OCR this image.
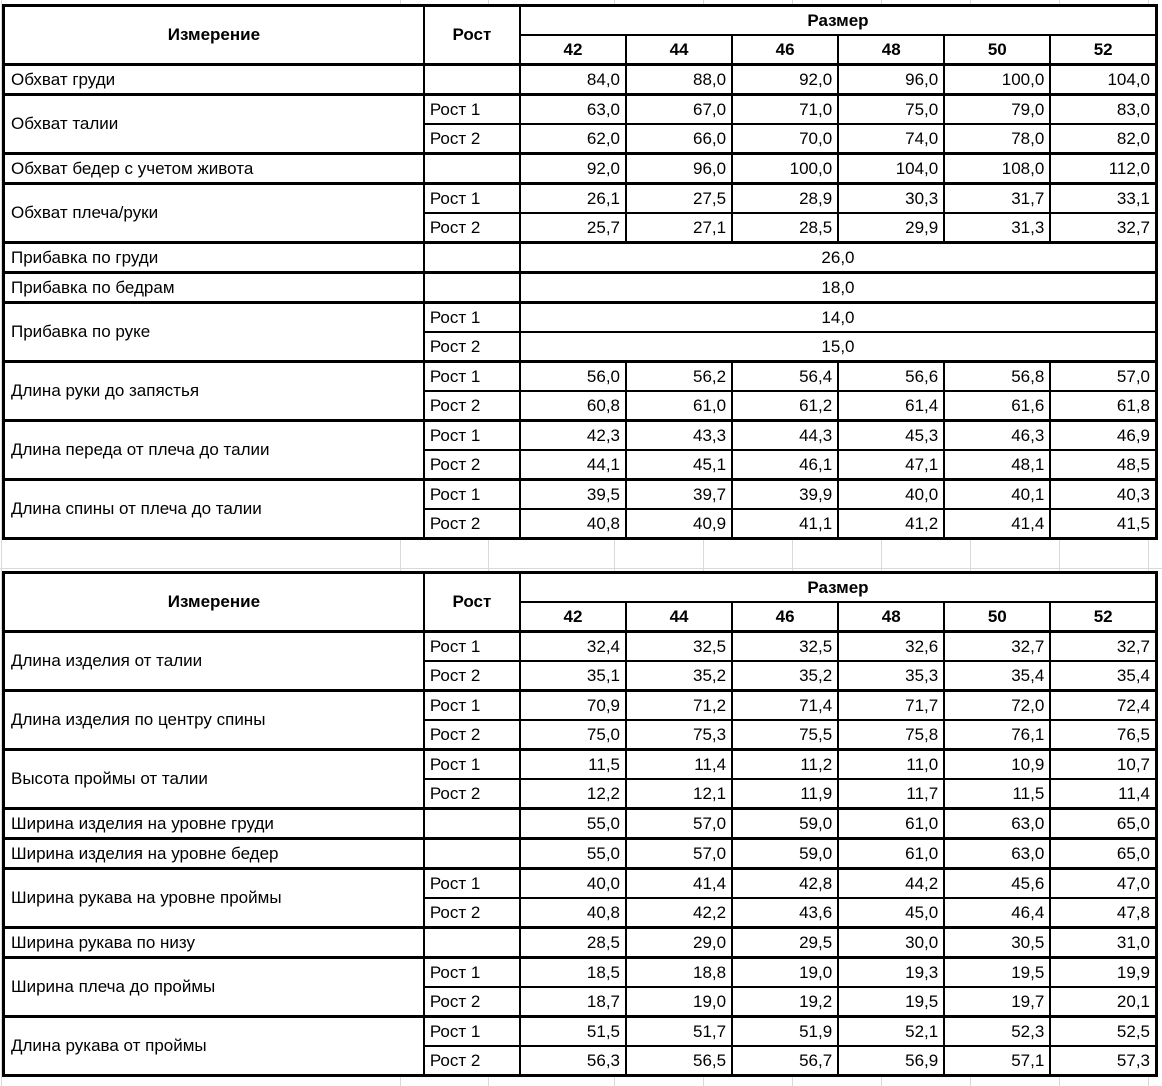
Измерение	Рост	Размер					
		42	44	46	48	50	52
Обхват груди		84,0	88,0	92,0	96,0	100,0	104,0
Обхват талии	Рост 1	63,0	67,0	71,0	75,0	79,0	83,0
	Рост 2	62,0	66,0	70,0	74,0	78,0	82,0
Обхват бедер с учетом живота		92,0	96,0	100,0	104,0	108,0	112,0
Обхват плеча/руки	Рост 1	26,1	27,5	28,9	30,3	31,7	33,1
	Рост 2	25,7	27,1	28,5	29,9	31,3	32,7
Прибавка по груди		26,0					
Прибавка по бедрам		18,0					
Прибавка по руке	Рост 1	14,0					
	Рост 2	15,0					
Длина руки до запястья	Рост 1	56,0	56,2	56,4	56,6	56,8	57,0
	Рост 2	60,8	61,0	61,2	61,4	61,6	61,8
Длина переда от плеча до талии	Рост 1	42,3	43,3	44,3	45,3	46,3	46,9
	Рост 2	44,1	45,1	46,1	47,1	48,1	48,5
Длина спины от плеча до талии	Рост 1	39,5	39,7	39,9	40,0	40,1	40,3
	Рост 2	40,8	40,9	41,1	41,2	41,4	41,5
Измерение	Рост	Размер					
		42	44	46	48	50	52
Длина изделия от талии	Рост 1	32,4	32,5	32,5	32,6	32,7	32,7
	Рост 2	35,1	35,2	35,2	35,3	35,4	35,4
Длина изделия по центру спины	Рост 1	70,9	71,2	71,4	71,7	72,0	72,4
	Рост 2	75,0	75,3	75,5	75,8	76,1	76,5
Высота проймы от талии	Рост 1	11,5	11,4	11,2	11,0	10,9	10,7
	Рост 2	12,2	12,1	11,9	11,7	11,5	11,4
Ширина изделия на уровне груди		55,0	57,0	59,0	61,0	63,0	65,0
Ширина изделия на уровне бедер		55,0	57,0	59,0	61,0	63,0	65,0
Ширина рукава на уровне проймы	Рост 1	40,0	41,4	42,8	44,2	45,6	47,0
	Рост 2	40,8	42,2	43,6	45,0	46,4	47,8
Ширина рукава по низу		28,5	29,0	29,5	30,0	30,5	31,0
Ширина плеча до проймы	Рост 1	18,5	18,8	19,0	19,3	19,5	19,9
	Рост 2	18,7	19,0	19,2	19,5	19,7	20,1
Длина рукава от проймы	Рост 1	51,5	51,7	51,9	52,1	52,3	52,5
	Рост 2	56,3	56,5	56,7	56,9	57,1	57,3
